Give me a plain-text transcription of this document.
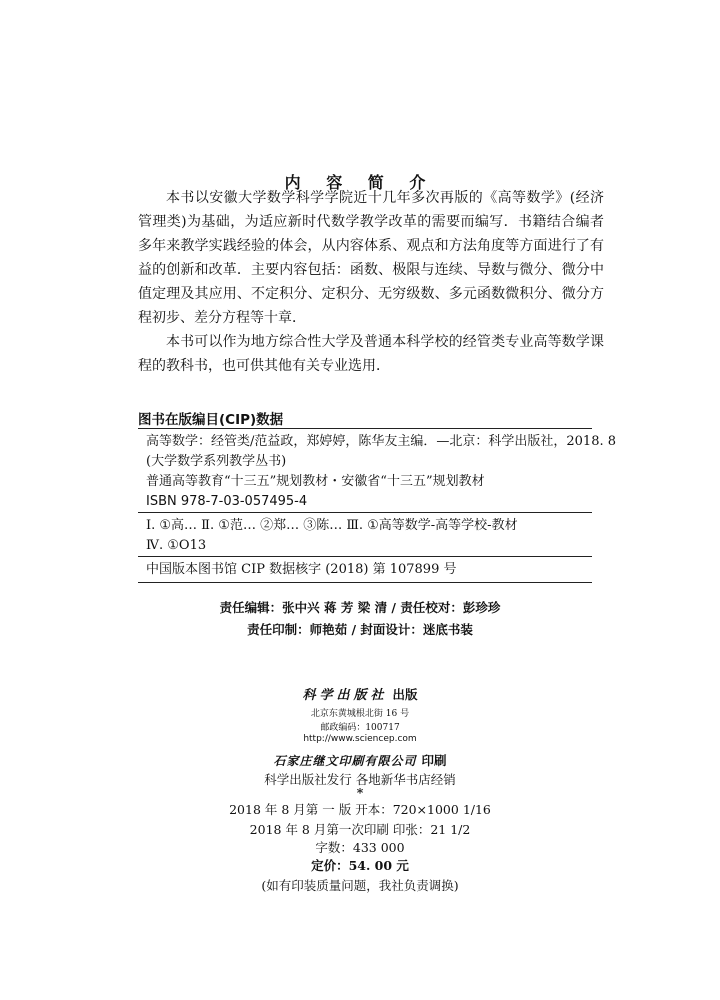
内 容 简 介

本书以安徽大学数学科学学院近十几年多次再版的《高等数学》(经济管理类)为基础，为适应新时代数学教学改革的需要而编写．书籍结合编者多年来教学实践经验的体会，从内容体系、观点和方法角度等方面进行了有益的创新和改革．主要内容包括：函数、极限与连续、导数与微分、微分中值定理及其应用、不定积分、定积分、无穷级数、多元函数微积分、微分方程初步、差分方程等十章．

本书可以作为地方综合性大学及普通本科学校的经管类专业高等数学课程的教科书，也可供其他有关专业选用．

图书在版编目(CIP)数据
高等数学：经管类/范益政，郑婷婷，陈华友主编．—北京：科学出版社，2018. 8
(大学数学系列教学丛书)
普通高等教育“十三五”规划教材・安徽省“十三五”规划教材
ISBN 978-7-03-057495-4
Ⅰ. ①高… Ⅱ. ①范… ②郑… ③陈… Ⅲ. ①高等数学-高等学校-教材
Ⅳ. ①O13
中国版本图书馆 CIP 数据核字 (2018) 第 107899 号
责任编辑：张中兴 蒋 芳 梁 清 / 责任校对：彭珍珍
责任印制：师艳茹 / 封面设计：迷底书装
科学出版社 出版
北京东黄城根北街 16 号
邮政编码：100717
http://www.sciencep.com
石家庄继文印刷有限公司 印刷
科学出版社发行 各地新华书店经销
*
2018 年 8 月第 一 版 开本：720×1000 1/16
2018 年 8 月第一次印刷 印张：21 1/2
字数：433 000
定价：54. 00 元
(如有印装质量问题，我社负责调换)
